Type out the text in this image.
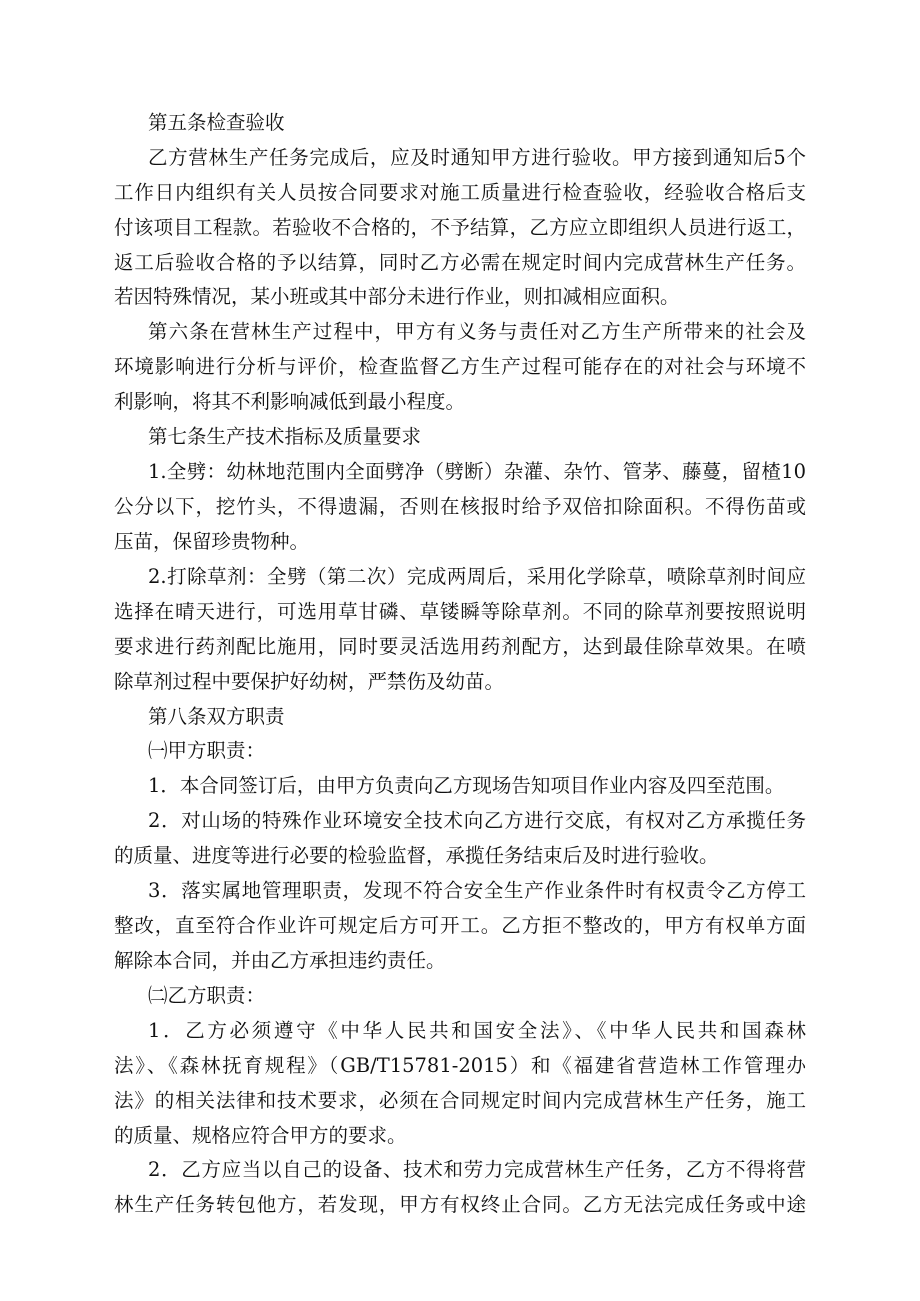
第五条检查验收
乙方营林生产任务完成后，应及时通知甲方进行验收。甲方接到通知后5个
工作日内组织有关人员按合同要求对施工质量进行检查验收，经验收合格后支
付该项目工程款。若验收不合格的，不予结算，乙方应立即组织人员进行返工，
返工后验收合格的予以结算，同时乙方必需在规定时间内完成营林生产任务。
若因特殊情况，某小班或其中部分未进行作业，则扣减相应面积。
第六条在营林生产过程中，甲方有义务与责任对乙方生产所带来的社会及
环境影响进行分析与评价，检查监督乙方生产过程可能存在的对社会与环境不
利影响，将其不利影响减低到最小程度。
第七条生产技术指标及质量要求
1.全劈：幼林地范围内全面劈净（劈断）杂灌、杂竹、管茅、藤蔓，留楂10
公分以下，挖竹头，不得遗漏，否则在核报时给予双倍扣除面积。不得伤苗或
压苗，保留珍贵物种。
2.打除草剂：全劈（第二次）完成两周后，采用化学除草，喷除草剂时间应
选择在晴天进行，可选用草甘磷、草镂瞬等除草剂。不同的除草剂要按照说明
要求进行药剂配比施用，同时要灵活选用药剂配方，达到最佳除草效果。在喷
除草剂过程中要保护好幼树，严禁伤及幼苗。
第八条双方职责
㈠甲方职责：
1．本合同签订后，由甲方负责向乙方现场告知项目作业内容及四至范围。
2．对山场的特殊作业环境安全技术向乙方进行交底，有权对乙方承揽任务
的质量、进度等进行必要的检验监督，承揽任务结束后及时进行验收。
3．落实属地管理职责，发现不符合安全生产作业条件时有权责令乙方停工
整改，直至符合作业许可规定后方可开工。乙方拒不整改的，甲方有权单方面
解除本合同，并由乙方承担违约责任。
㈡乙方职责：
1．乙方必须遵守《中华人民共和国安全法》、《中华人民共和国森林
法》、《森林抚育规程》（GB/T15781-2015）和《福建省营造林工作管理办
法》的相关法律和技术要求，必须在合同规定时间内完成营林生产任务，施工
的质量、规格应符合甲方的要求。
2．乙方应当以自己的设备、技术和劳力完成营林生产任务，乙方不得将营
林生产任务转包他方，若发现，甲方有权终止合同。乙方无法完成任务或中途
